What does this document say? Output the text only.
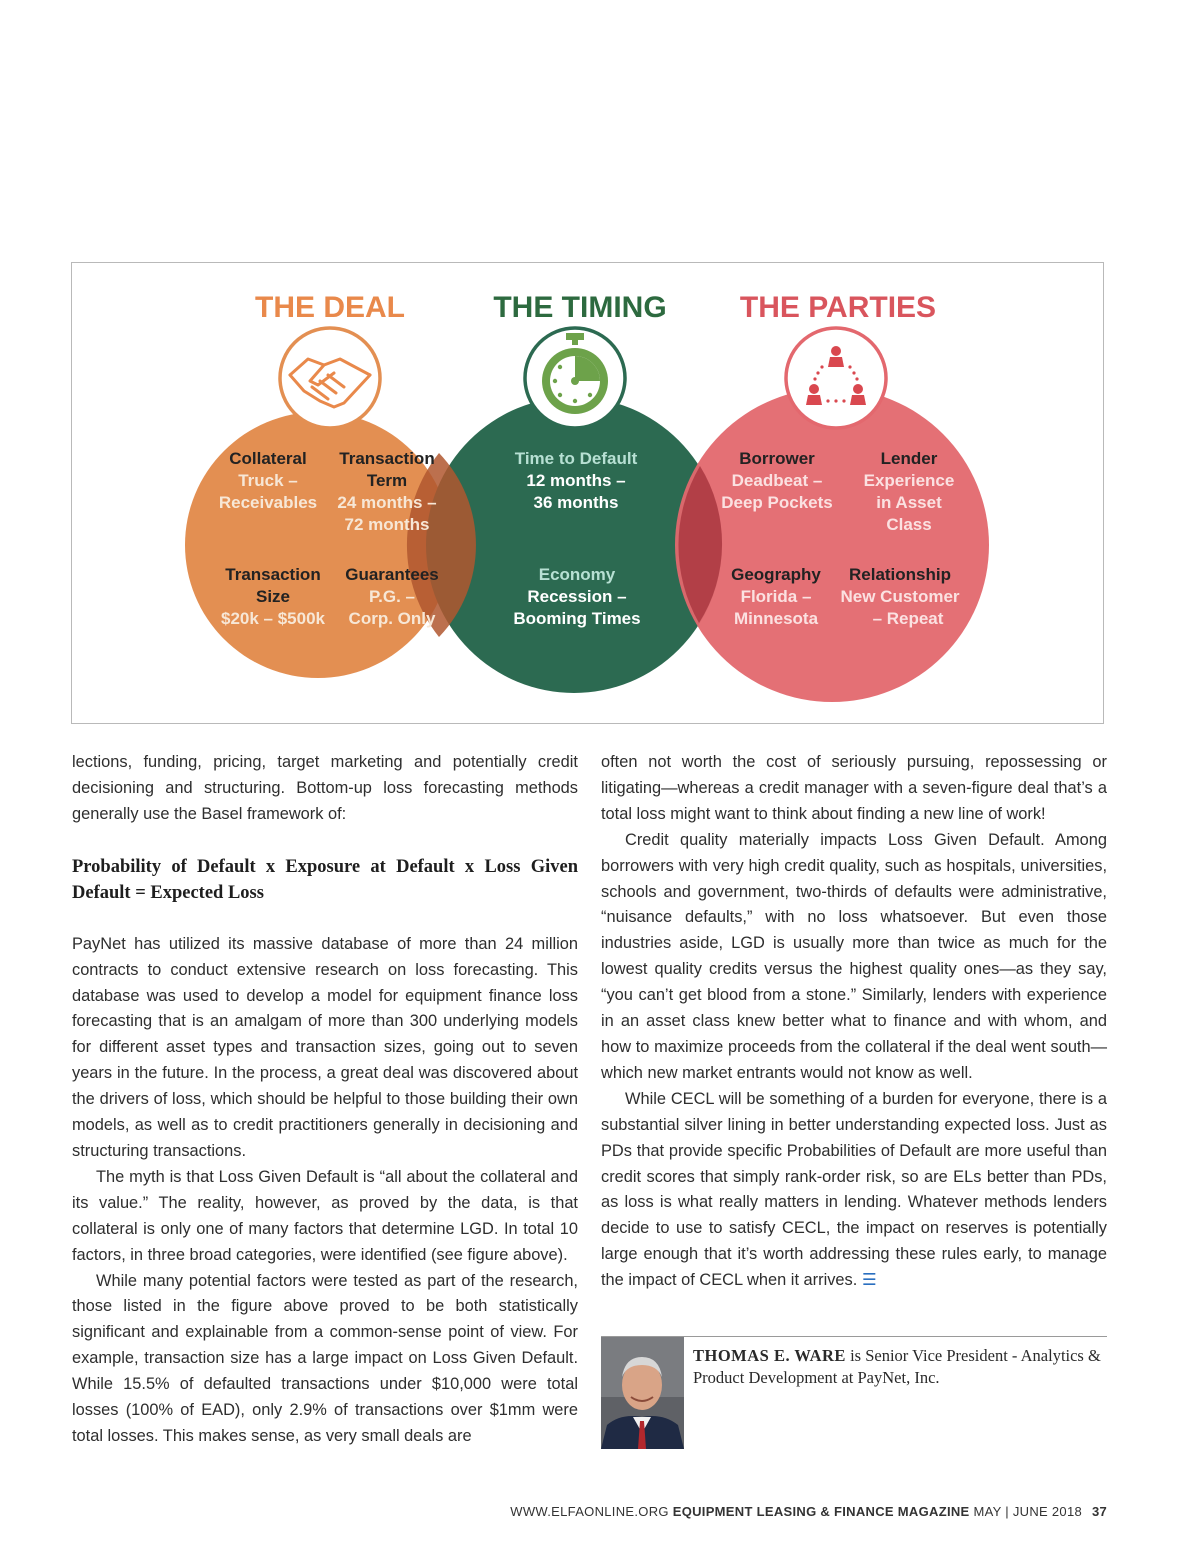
THE DEAL	THE TIMING THE PARTIES
Collateral
Truck –
Receivables
Transaction
Term
24 months –
72 months
Transaction
Size
$20k – $500k
Guarantees
P.G. –
Corp. Only
Time to Default
12 months –
36 months
Economy
Recession –
Booming Times
Borrower
Deadbeat –
Deep Pockets
Lender
Experience
in Asset
Class
Geography
Florida –
Minnesota
Relationship
New Customer
– Repeat

lections, funding, pricing, target marketing and potentially credit decisioning and structuring. Bottom-up loss forecasting methods generally use the Basel framework of:

Probability of Default x Exposure at Default x Loss Given Default = Expected Loss

PayNet has utilized its massive database of more than 24 million contracts to conduct extensive research on loss forecasting. This database was used to develop a model for equipment finance loss forecasting that is an amalgam of more than 300 underlying models for different asset types and transaction sizes, going out to seven years in the future. In the process, a great deal was discovered about the drivers of loss, which should be helpful to those building their own models, as well as to credit practitioners generally in decisioning and structuring transactions.

The myth is that Loss Given Default is “all about the collateral and its value.” The reality, however, as proved by the data, is that collateral is only one of many factors that determine LGD. In total 10 factors, in three broad categories, were identified (see figure above).

While many potential factors were tested as part of the research, those listed in the figure above proved to be both statistically significant and explainable from a common-sense point of view. For example, transaction size has a large impact on Loss Given Default. While 15.5% of defaulted transactions under $10,000 were total losses (100% of EAD), only 2.9% of transactions over $1mm were total losses. This makes sense, as very small deals are

often not worth the cost of seriously pursuing, repossessing or litigating—whereas a credit manager with a seven-figure deal that’s a total loss might want to think about finding a new line of work!

Credit quality materially impacts Loss Given Default. Among borrowers with very high credit quality, such as hospitals, universities, schools and government, two-thirds of defaults were administrative, “nuisance defaults,” with no loss whatsoever. But even those industries aside, LGD is usually more than twice as much for the lowest quality credits versus the highest quality ones—as they say, “you can’t get blood from a stone.” Similarly, lenders with experience in an asset class knew better what to finance and with whom, and how to maximize proceeds from the collateral if the deal went south—which new market entrants would not know as well.

While CECL will be something of a burden for everyone, there is a substantial silver lining in better understanding expected loss. Just as PDs that provide specific Probabilities of Default are more useful than credit scores that simply rank-order risk, so are ELs better than PDs, as loss is what really matters in lending. Whatever methods lenders decide to use to satisfy CECL, the impact on reserves is potentially large enough that it’s worth addressing these rules early, to manage the impact of CECL when it arrives. ☰

THOMAS E. WARE is Senior Vice President - Analytics & Product Development at PayNet, Inc.
WWW.ELFAONLINE.ORG EQUIPMENT LEASING & FINANCE MAGAZINE MAY | JUNE 2018 37
